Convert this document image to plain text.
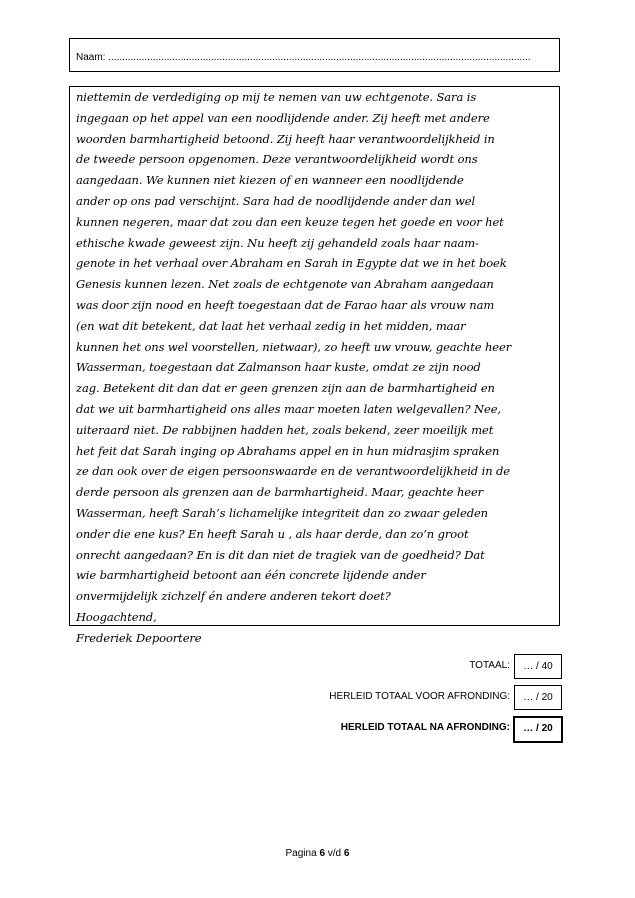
Naam: ........................................................................................................................................................
niettemin de verdediging op mij te nemen van uw echtgenote. Sara is
ingegaan op het appel van een noodlijdende ander. Zij heeft met andere
woorden barmhartigheid betoond. Zij heeft haar verantwoordelijkheid in
de tweede persoon opgenomen. Deze verantwoordelijkheid wordt ons
aangedaan. We kunnen niet kiezen of en wanneer een noodlijdende
ander op ons pad verschijnt. Sara had de noodlijdende ander dan wel
kunnen negeren, maar dat zou dan een keuze tegen het goede en voor het
ethische kwade geweest zijn. Nu heeft zij gehandeld zoals haar naam-
genote in het verhaal over Abraham en Sarah in Egypte dat we in het boek
Genesis kunnen lezen. Net zoals de echtgenote van Abraham aangedaan
was door zijn nood en heeft toegestaan dat de Farao haar als vrouw nam
(en wat dit betekent, dat laat het verhaal zedig in het midden, maar
kunnen het ons wel voorstellen, nietwaar), zo heeft uw vrouw, geachte heer
Wasserman, toegestaan dat Zalmanson haar kuste, omdat ze zijn nood
zag. Betekent dit dan dat er geen grenzen zijn aan de barmhartigheid en
dat we uit barmhartigheid ons alles maar moeten laten welgevallen? Nee,
uiteraard niet. De rabbijnen hadden het, zoals bekend, zeer moeilijk met
het feit dat Sarah inging op Abrahams appel en in hun midrasjim spraken
ze dan ook over de eigen persoonswaarde en de verantwoordelijkheid in de
derde persoon als grenzen aan de barmhartigheid. Maar, geachte heer
Wasserman, heeft Sarah’s lichamelijke integriteit dan zo zwaar geleden
onder die ene kus? En heeft Sarah u , als haar derde, dan zo’n groot
onrecht aangedaan? En is dit dan niet de tragiek van de goedheid? Dat
wie barmhartigheid betoont aan één concrete lijdende ander
onvermijdelijk zichzelf én andere anderen tekort doet?
Hoogachtend,
Frederiek Depoortere
TOTAAL:	… / 40
HERLEID TOTAAL VOOR AFRONDING:	… / 20
HERLEID TOTAAL NA AFRONDING:	… / 20
Pagina 6 v/d 6
